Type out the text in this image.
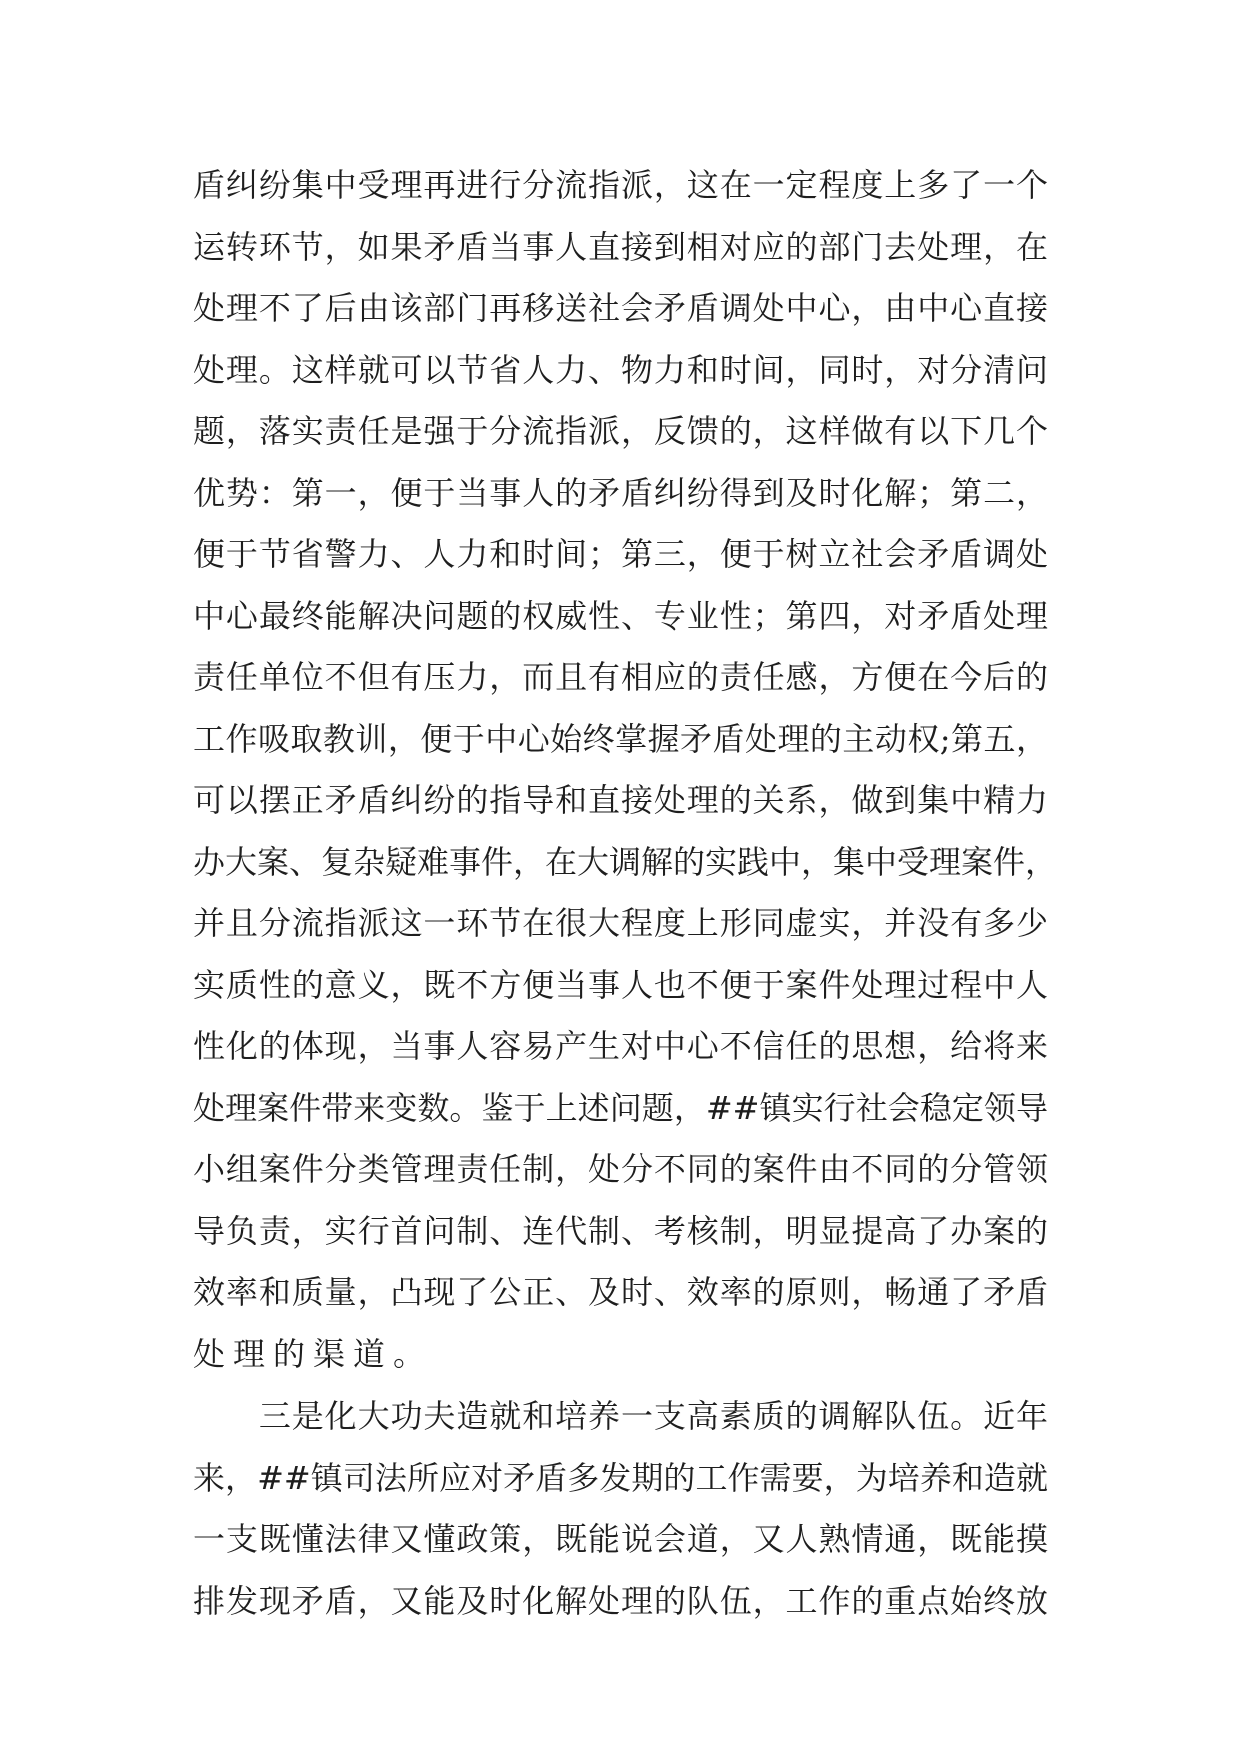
盾纠纷集中受理再进行分流指派，这在一定程度上多了一个
运转环节，如果矛盾当事人直接到相对应的部门去处理，在
处理不了后由该部门再移送社会矛盾调处中心，由中心直接
处理。这样就可以节省人力、物力和时间，同时，对分清问
题，落实责任是强于分流指派，反馈的，这样做有以下几个
优势：第一，便于当事人的矛盾纠纷得到及时化解；第二，
便于节省警力、人力和时间；第三，便于树立社会矛盾调处
中心最终能解决问题的权威性、专业性；第四，对矛盾处理
责任单位不但有压力，而且有相应的责任感，方便在今后的
工作吸取教训，便于中心始终掌握矛盾处理的主动权;第五，
可以摆正矛盾纠纷的指导和直接处理的关系，做到集中精力
办大案、复杂疑难事件，在大调解的实践中，集中受理案件，
并且分流指派这一环节在很大程度上形同虚实，并没有多少
实质性的意义，既不方便当事人也不便于案件处理过程中人
性化的体现，当事人容易产生对中心不信任的思想，给将来
处理案件带来变数。鉴于上述问题，##镇实行社会稳定领导
小组案件分类管理责任制，处分不同的案件由不同的分管领
导负责，实行首问制、连代制、考核制，明显提高了办案的
效率和质量，凸现了公正、及时、效率的原则，畅通了矛盾
处理的渠道。
　　三是化大功夫造就和培养一支高素质的调解队伍。近年
来，##镇司法所应对矛盾多发期的工作需要，为培养和造就
一支既懂法律又懂政策，既能说会道，又人熟情通，既能摸
排发现矛盾，又能及时化解处理的队伍，工作的重点始终放
